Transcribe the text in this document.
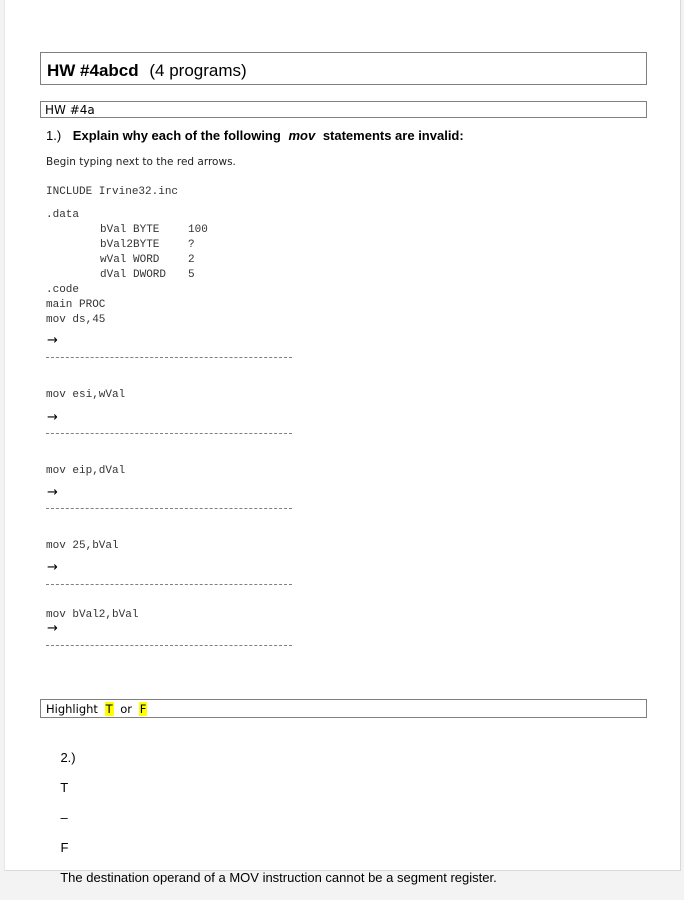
HW #4abcd (4 programs)
HW #4a
1.) Explain why each of the following mov statements are invalid:
Begin typing next to the red arrows.
INCLUDE Irvine32.inc
.data
bVal BYTE	100
bVal2 BYTE	?
wVal WORD	2
dVal DWORD 5
.code
main PROC
mov ds,45
→
mov esi,wVal
→
mov eip,dVal
→
mov 25,bVal
→
mov bVal2,bVal
→
Highlight T or F

2.)

T

–

F

The destination operand of a MOV instruction cannot be a segment register.
